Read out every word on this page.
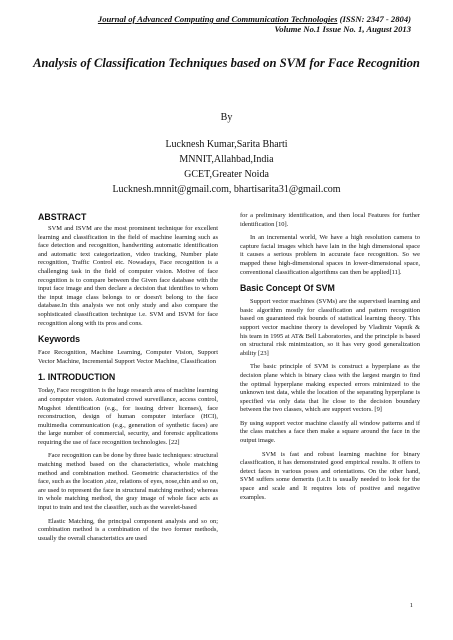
Journal of Advanced Computing and Communication Technologies (ISSN: 2347 - 2804)
Volume No.1 Issue No. 1, August 2013
Analysis of Classification Techniques based on SVM for Face Recognition
By
Lucknesh Kumar,Sarita Bharti
MNNIT,Allahbad,India
GCET,Greater Noida
Lucknesh.mnnit@gmail.com, bhartisarita31@gmail.com
ABSTRACT

SVM and ISVM are the most prominent technique for excellent learning and classification in the field of machine learning such as face detection and recognition, handwriting automatic identification and automatic text categorization, video tracking, Number plate recognition, Traffic Control etc. Nowadays, Face recognition is a challenging task in the field of computer vision. Motive of face recognition is to compare between the Given face database with the input face image and then declare a decision that identifies to whom the input image class belongs to or doesn't belong to the face database.In this analysis we not only study and also compare the sophisticated classification technique i.e. SVM and ISVM for face recognition along with its pros and cons.

Keywords

Face Recognition, Machine Learning, Computer Vision, Support Vector Machine, Incremental Support Vector Machine, Classification

1. INTRODUCTION

Today, Face recognition is the huge research area of machine learning and computer vision. Automated crowd surveillance, access control, Mugshot identification (e.g., for issuing driver licenses), face reconstruction, design of human computer interface (HCI), multimedia communication (e.g., generation of synthetic faces) are the large number of commercial, security, and forensic applications requiring the use of face recognition technologies. [22]

Face recognition can be done by three basic techniques: structural matching method based on the characteristics, whole matching method and combination method. Geometric characteristics of the face, such as the location ,size, relations of eyes, nose,chin and so on, are used to represent the face in structural matching method; whereas in whole matching method, the gray image of whole face acts as input to train and test the classifier, such as the wavelet-based

Elastic Matching, the principal component analysis and so on; combination method is a combination of the two former methods, usually the overall characteristics are used

for a preliminary identification, and then local Features for further identification [10].

In an incremental world, We have a high resolution camera to capture facial images which have lain in the high dimensional space it causes a serious problem in accurate face recognition. So we mapped these high-dimensional spaces in lower-dimensional space, conventional classification algorithms can then be applied[11].

Basic Concept Of SVM

Support vector machines (SVMs) are the supervised learning and basic algorithm mostly for classification and pattern recognition based on guaranteed risk bounds of statistical learning theory. This support vector machine theory is developed by Vladimir Vapnik & his team in 1995 at AT& Bell Laboratories, and the principle is based on structural risk minimization, so it has very good generalization ability [23]

The basic principle of SVM is construct a hyperplane as the decision plane which is binary class with the largest margin to find the optimal hyperplane making expected errors minimized to the unknown test data, while the location of the separating hyperplane is specified via only data that lie close to the decision boundary between the two classes, which are support vectors. [9]

By using support vector machine classify all window patterns and if the class matches a face then make a square around the face in the output image.

SVM is fast and robust learning machine for binary classification, it has demonstrated good empirical results. It offers to detect faces in various poses and orientations. On the other hand, SVM suffers some demerits (i.e.It is usually needed to look for the space and scale and It requires lots of positive and negative examples.

1
